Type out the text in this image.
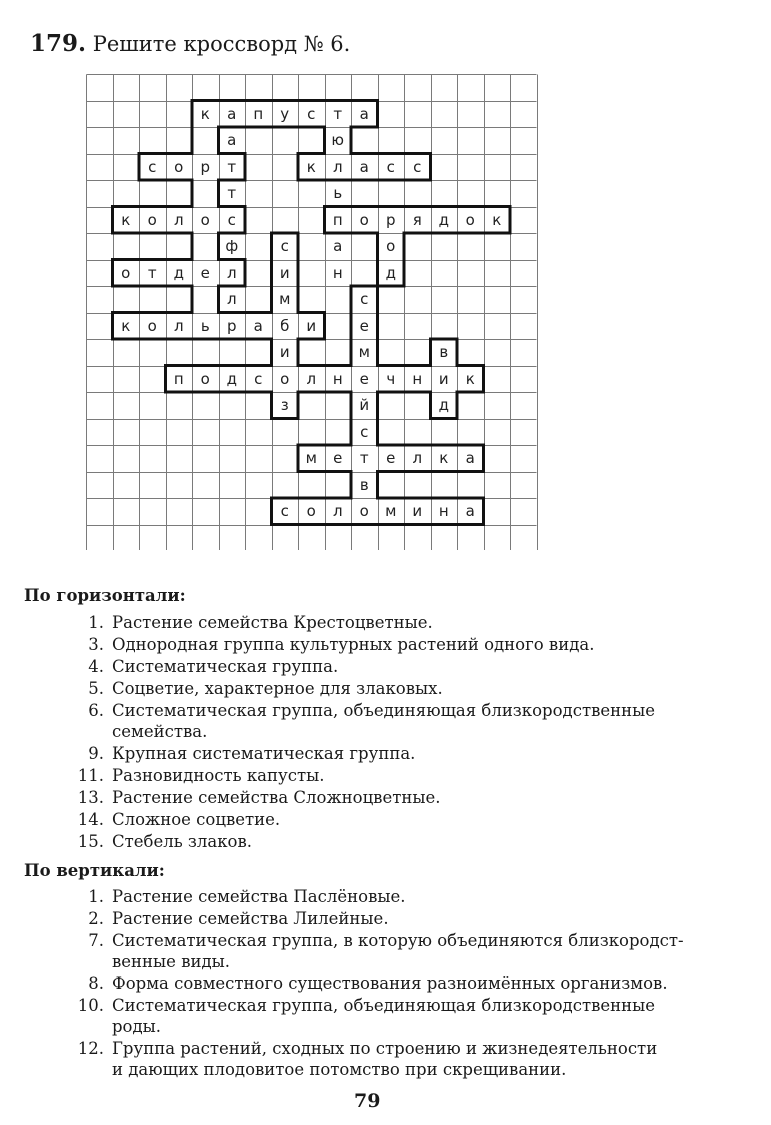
179. Решите кроссворд № 6.
к	а	п	у	с	т	а
а	ю
с	о	р	т	к	л	а	с	с
т	ь
к	о	л	о	с	п	о	р	я	д	о	к
ф	с	а	о
о	т	д	е	л	и	н	д
л	м	с
к	о	л	ь	р	а	б	и	е
и	м	в
п	о	д	с	о	л	н	е	ч	н	и	к
з	й	д
с
м	е	т	е	л	к	а
в
с	о	л	о	м	и	н	а
По горизонтали:
1. Растение семейства Крестоцветные.
3. Однородная группа культурных растений одного вида.
4. Систематическая группа.
5. Соцветие, характерное для злаковых.
6. Систематическая группа, объединяющая близкородственные
семейства.
9. Крупная систематическая группа.
11. Разновидность капусты.
13. Растение семейства Сложноцветные.
14. Сложное соцветие.
15. Стебель злаков.
По вертикали:
1. Растение семейства Паслёновые.
2. Растение семейства Лилейные.
7. Систематическая группа, в которую объединяются близкородст-
венные виды.
8. Форма совместного существования разноимённых организмов.
10. Систематическая группа, объединяющая близкородственные
роды.
12. Группа растений, сходных по строению и жизнедеятельности
и дающих плодовитое потомство при скрещивании.
79
